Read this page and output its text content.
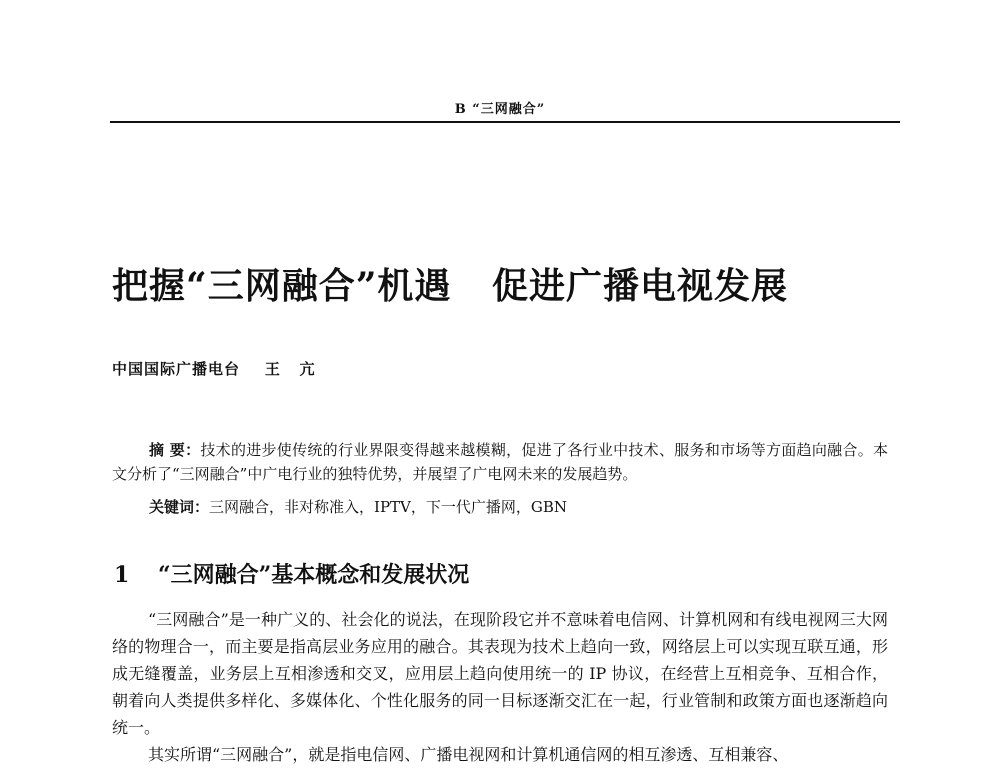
B “三网融合”
把握“三网融合”机遇   促进广播电视发展
中国国际广播电台    王   亢

摘 要：技术的进步使传统的行业界限变得越来越模糊，促进了各行业中技术、服务和市场等方面趋向融合。本文分析了“三网融合”中广电行业的独特优势，并展望了广电网未来的发展趋势。

关键词：三网融合，非对称准入，IPTV，下一代广播网，GBN
1 “三网融合”基本概念和发展状况

“三网融合”是一种广义的、社会化的说法，在现阶段它并不意味着电信网、计算机网和有线电视网三大网络的物理合一，而主要是指高层业务应用的融合。其表现为技术上趋向一致，网络层上可以实现互联互通，形成无缝覆盖，业务层上互相渗透和交叉，应用层上趋向使用统一的 IP 协议，在经营上互相竞争、互相合作，朝着向人类提供多样化、多媒体化、个性化服务的同一目标逐渐交汇在一起，行业管制和政策方面也逐渐趋向统一。

其实所谓“三网融合”，就是指电信网、广播电视网和计算机通信网的相互渗透、互相兼容、
